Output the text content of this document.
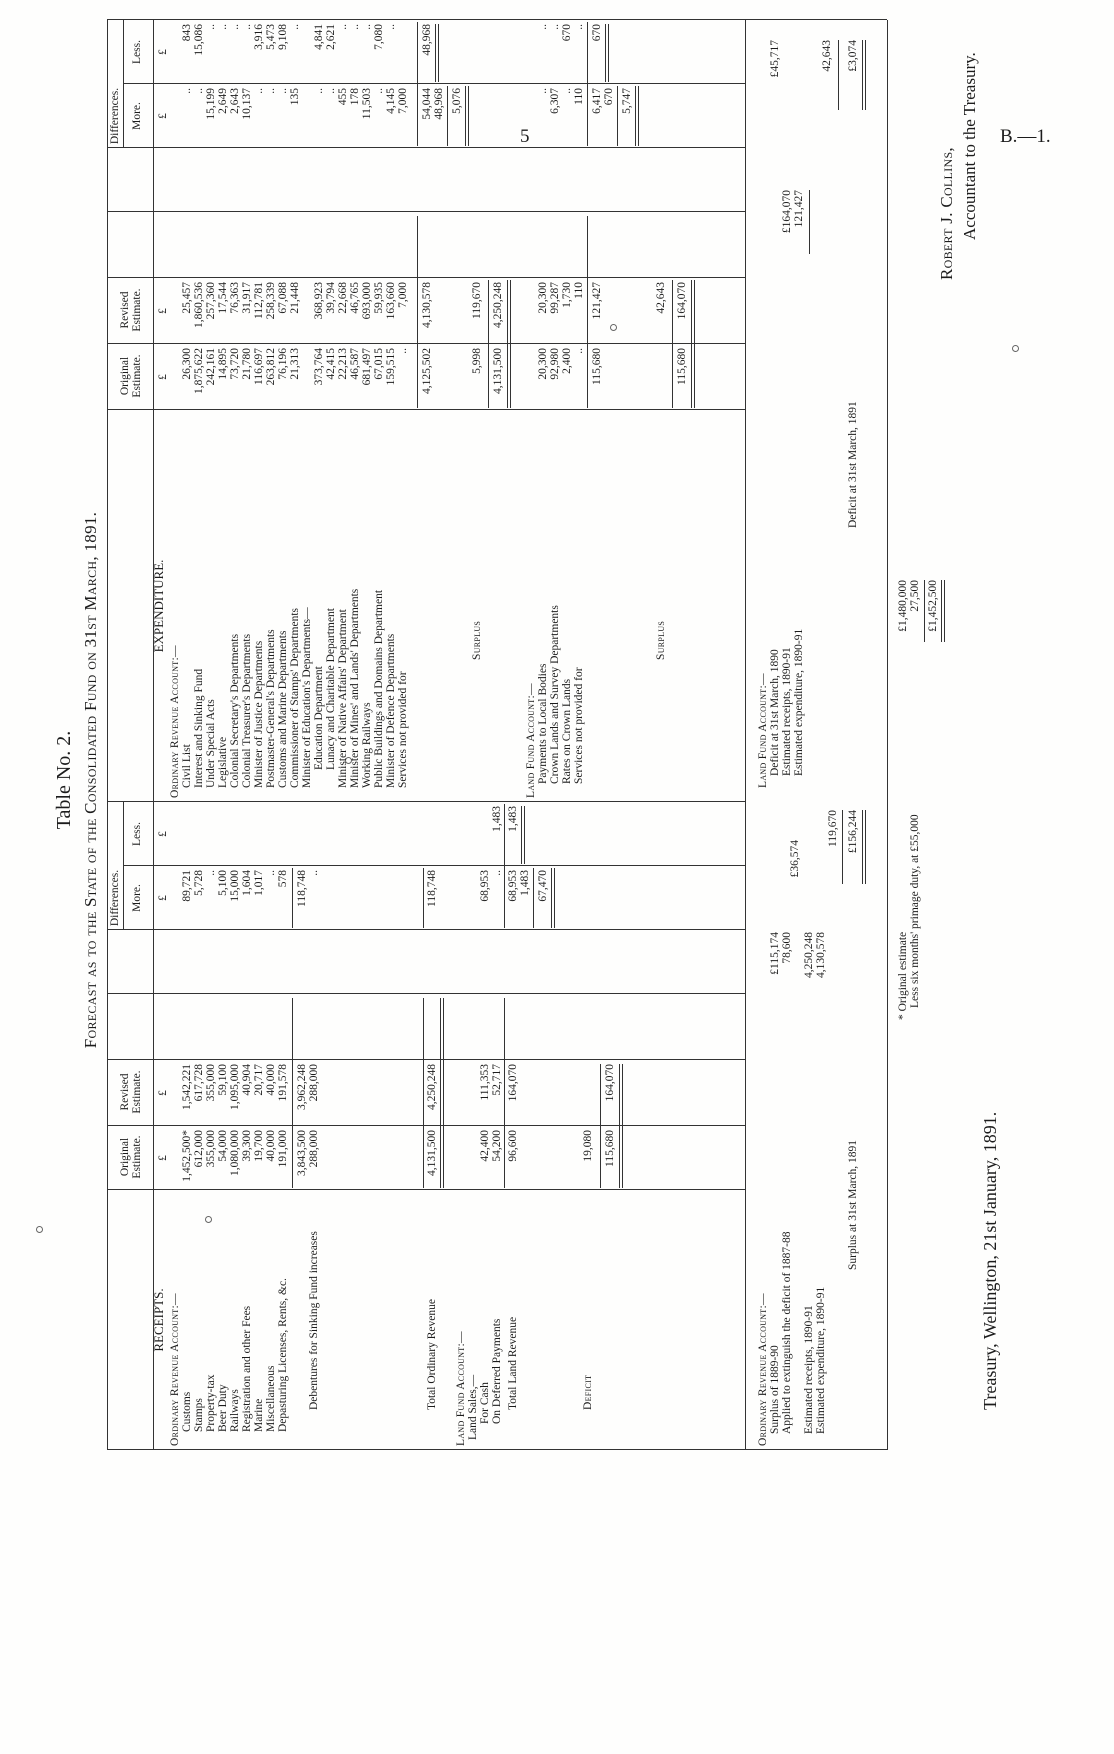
5	B.—1.
Table No. 2. Forecast as to the State of the Consolidated Fund on 31st March, 1891.
Original Estimate.
Revised Estimate.
Differences. More.
Less.
Original Estimate.
Revised Estimate.
Differences. More.
Less.
£
£
£
£
£
£
£
£
RECEIPTS. Ordinary Revenue Account:— Customs
1,452,500*
1,542,221
89,721
Stamps
612,000
617,728
5,728
Property-tax
355,000
355,000
..
Beer Duty
54,000
59,100
5,100
Railways
1,080,000
1,095,000
15,000
Registration and other Fees
39,300
40,904
1,604
Marine
19,700
20,717
1,017
Miscellaneous
40,000
40,000
..
Depasturing Licenses, Rents, &c.
191,000
191,578
578
3,843,500
3,962,248
118,748
Debentures for Sinking Fund increases
288,000
288,000
..
Total Ordinary Revenue
4,131,500
4,250,248
118,748
Land Fund Account:— Land Sales,— For Cash
42,400
111,353
68,953
On Deferred Payments
54,200
52,717
..
1,483
Total Land Revenue
96,600
164,070
68,953
1,483
1,483 67,470
Deficit
19,080 115,680
164,070
EXPENDITURE.
Ordinary Revenue Account:— Civil List
26,300
25,457
..
843
Interest and Sinking Fund
1,875,622
1,860,536
..
15,086
Under Special Acts
242,161
257,360
15,199
..
Legislative
14,895
17,544
2,649
..
Colonial Secretary's Departments
73,720
76,363
2,643
..
Colonial Treasurer's Departments
21,780
31,917
10,137
..
Minister of Justice Departments
116,697
112,781
..
3,916
Postmaster-General's Departments
263,812
258,339
..
5,473
Customs and Marine Departments
76,196
67,088
..
9,108
Commissioner of Stamps' Departments
21,313
21,448
135
..
Minister of Education's Departments— Education Department
373,764
368,923
..
4,841
Lunacy and Charitable Department
42,415
39,794
..
2,621
Minister of Native Affairs' Department
22,213
22,668
455
..
Minister of Mines' and Lands' Departments
46,587
46,765
178
..
Working Railways
681,497
693,000
11,503
..
Public Buildings and Domains Department
67,015
59,935
..
7,080
Minister of Defence Departments
159,515
163,660
4,145
..
Services not provided for
..
7,000
7,000
4,125,502
4,130,578
54,044
48,968
48,968 5,076
Surplus
5,998
119,670
4,131,500
4,250,248
Land Fund Account:— Payments to Local Bodies
20,300
20,300
..
..
Crown Lands and Survey Departments
92,980
99,287
6,307
..
Rates on Crown Lands
2,400
1,730
..
670
Services not provided for
..
110
110
..
115,680
121,427
6,417
670
670 5,747
Surplus
42,643
115,680
164,070
Ordinary Revenue Account:— Surplus of 1889-90
£115,174
Applied to extinguish the deficit of 1887-88
78,600
£36,574
Estimated receipts, 1890-91
4,250,248
Estimated expenditure, 1890-91
4,130,578
119,670
Surplus at 31st March, 1891
£156,244
Land Fund Account:— Deficit at 31st March, 1890
£164,070
Estimated receipts, 1890-91
121,427
£45,717
Estimated expenditure, 1890-91
42,643
Deficit at 31st March, 1891
£3,074
* Original estimate
£1,480,000
Less six months' primage duty, at £55,000
27,500 £1,452,500
Treasury, Wellington, 21st January, 1891.
Robert J. Collins, Accountant to the Treasury.
